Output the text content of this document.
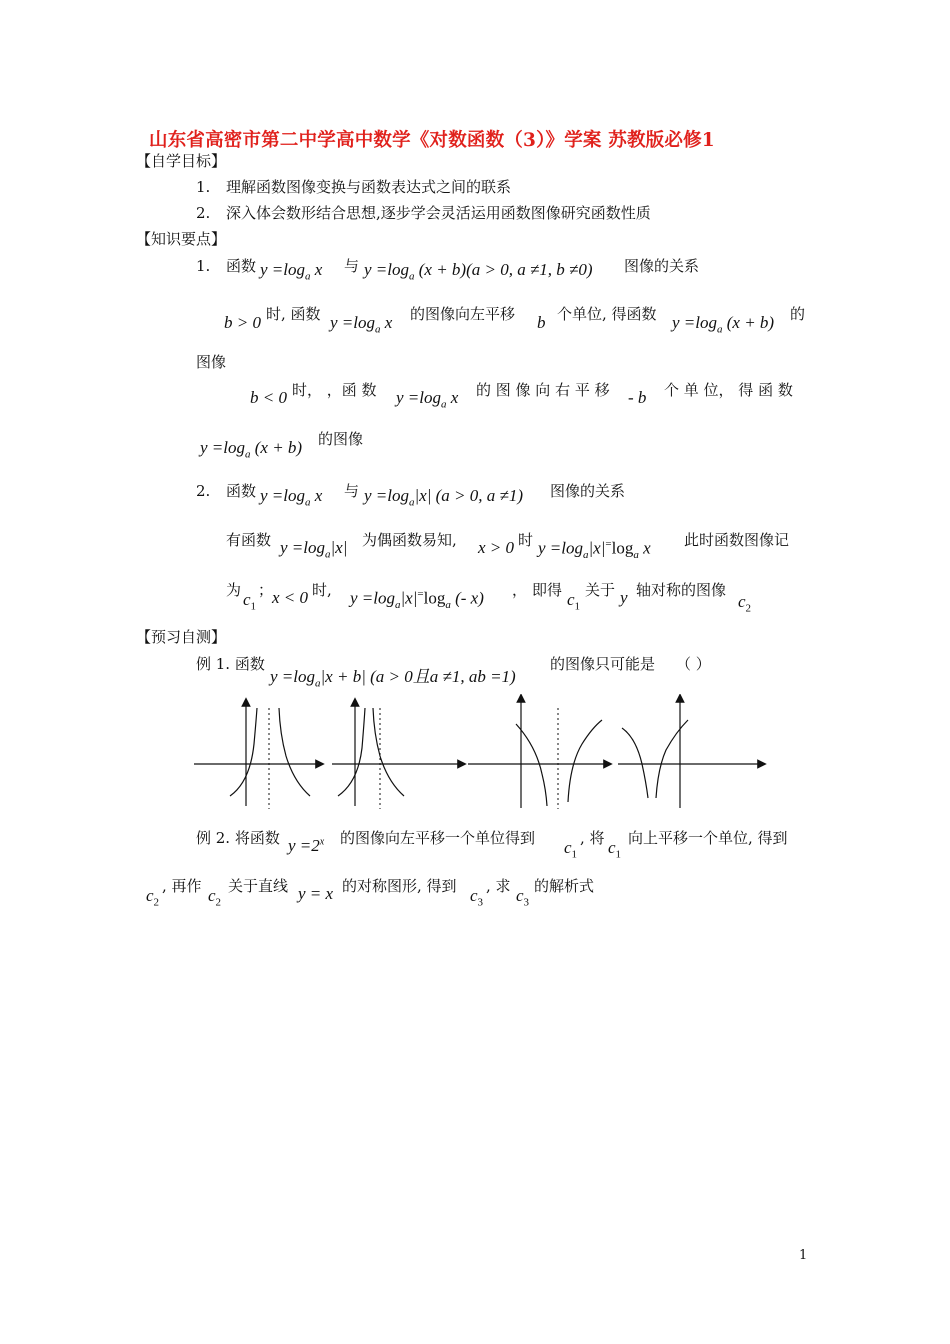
山东省高密市第二中学高中数学《对数函数（3）》学案 苏教版必修1
【自学目标】
1. 理解函数图像变换与函数表达式之间的联系
2. 深入体会数形结合思想,逐步学会灵活运用函数图像研究函数性质
【知识要点】
1. 函数 $y =\log_a$ x 与 $y =\log_a$ (x + b)(a > 0, a ≠1, b ≠0) 图像的关系
b > 0 时, 函数 $y =\log_a$ x 的图像向左平移 b 个单位, 得函数 $y =\log_a$ (x + b) 的
图像
b < 0 时， ，函 数 $y =\log_a$ x 的 图 像 向 右 平 移 - b 个 单 位， 得 函 数
$y =\log_a$ (x + b) 的图像
2. 函数 $y =\log_a$ x 与 $y =\log_a|x|$ (a > 0, a ≠1) 图像的关系
有函数 $y =\log_a|x|$ 为偶函数易知, x > 0 时 $y =\log_a|x|^=\log_a$ x 此时函数图像记
为 $c_1$
；
x < 0 时, $y =\log_a|x|^=\log_a$ (- x) ， 即得 $c_1$
关于 y 轴对称的图像
$c_2$
【预习自测】
例 1. 函数
$y =\log_a|x + b|$ (a > 0且a ≠1, ab =1)
的图像只可能是 （ ）
例 2. 将函数 $y =2^x$ 的图像向左平移一个单位得到 $c_1$
, 将 $c_1$
向上平移一个单位, 得到
$c_2$
, 再作 $c_2$
关于直线 y = x 的对称图形, 得到 $c_3$
, 求 $c_3$
的解析式
1
